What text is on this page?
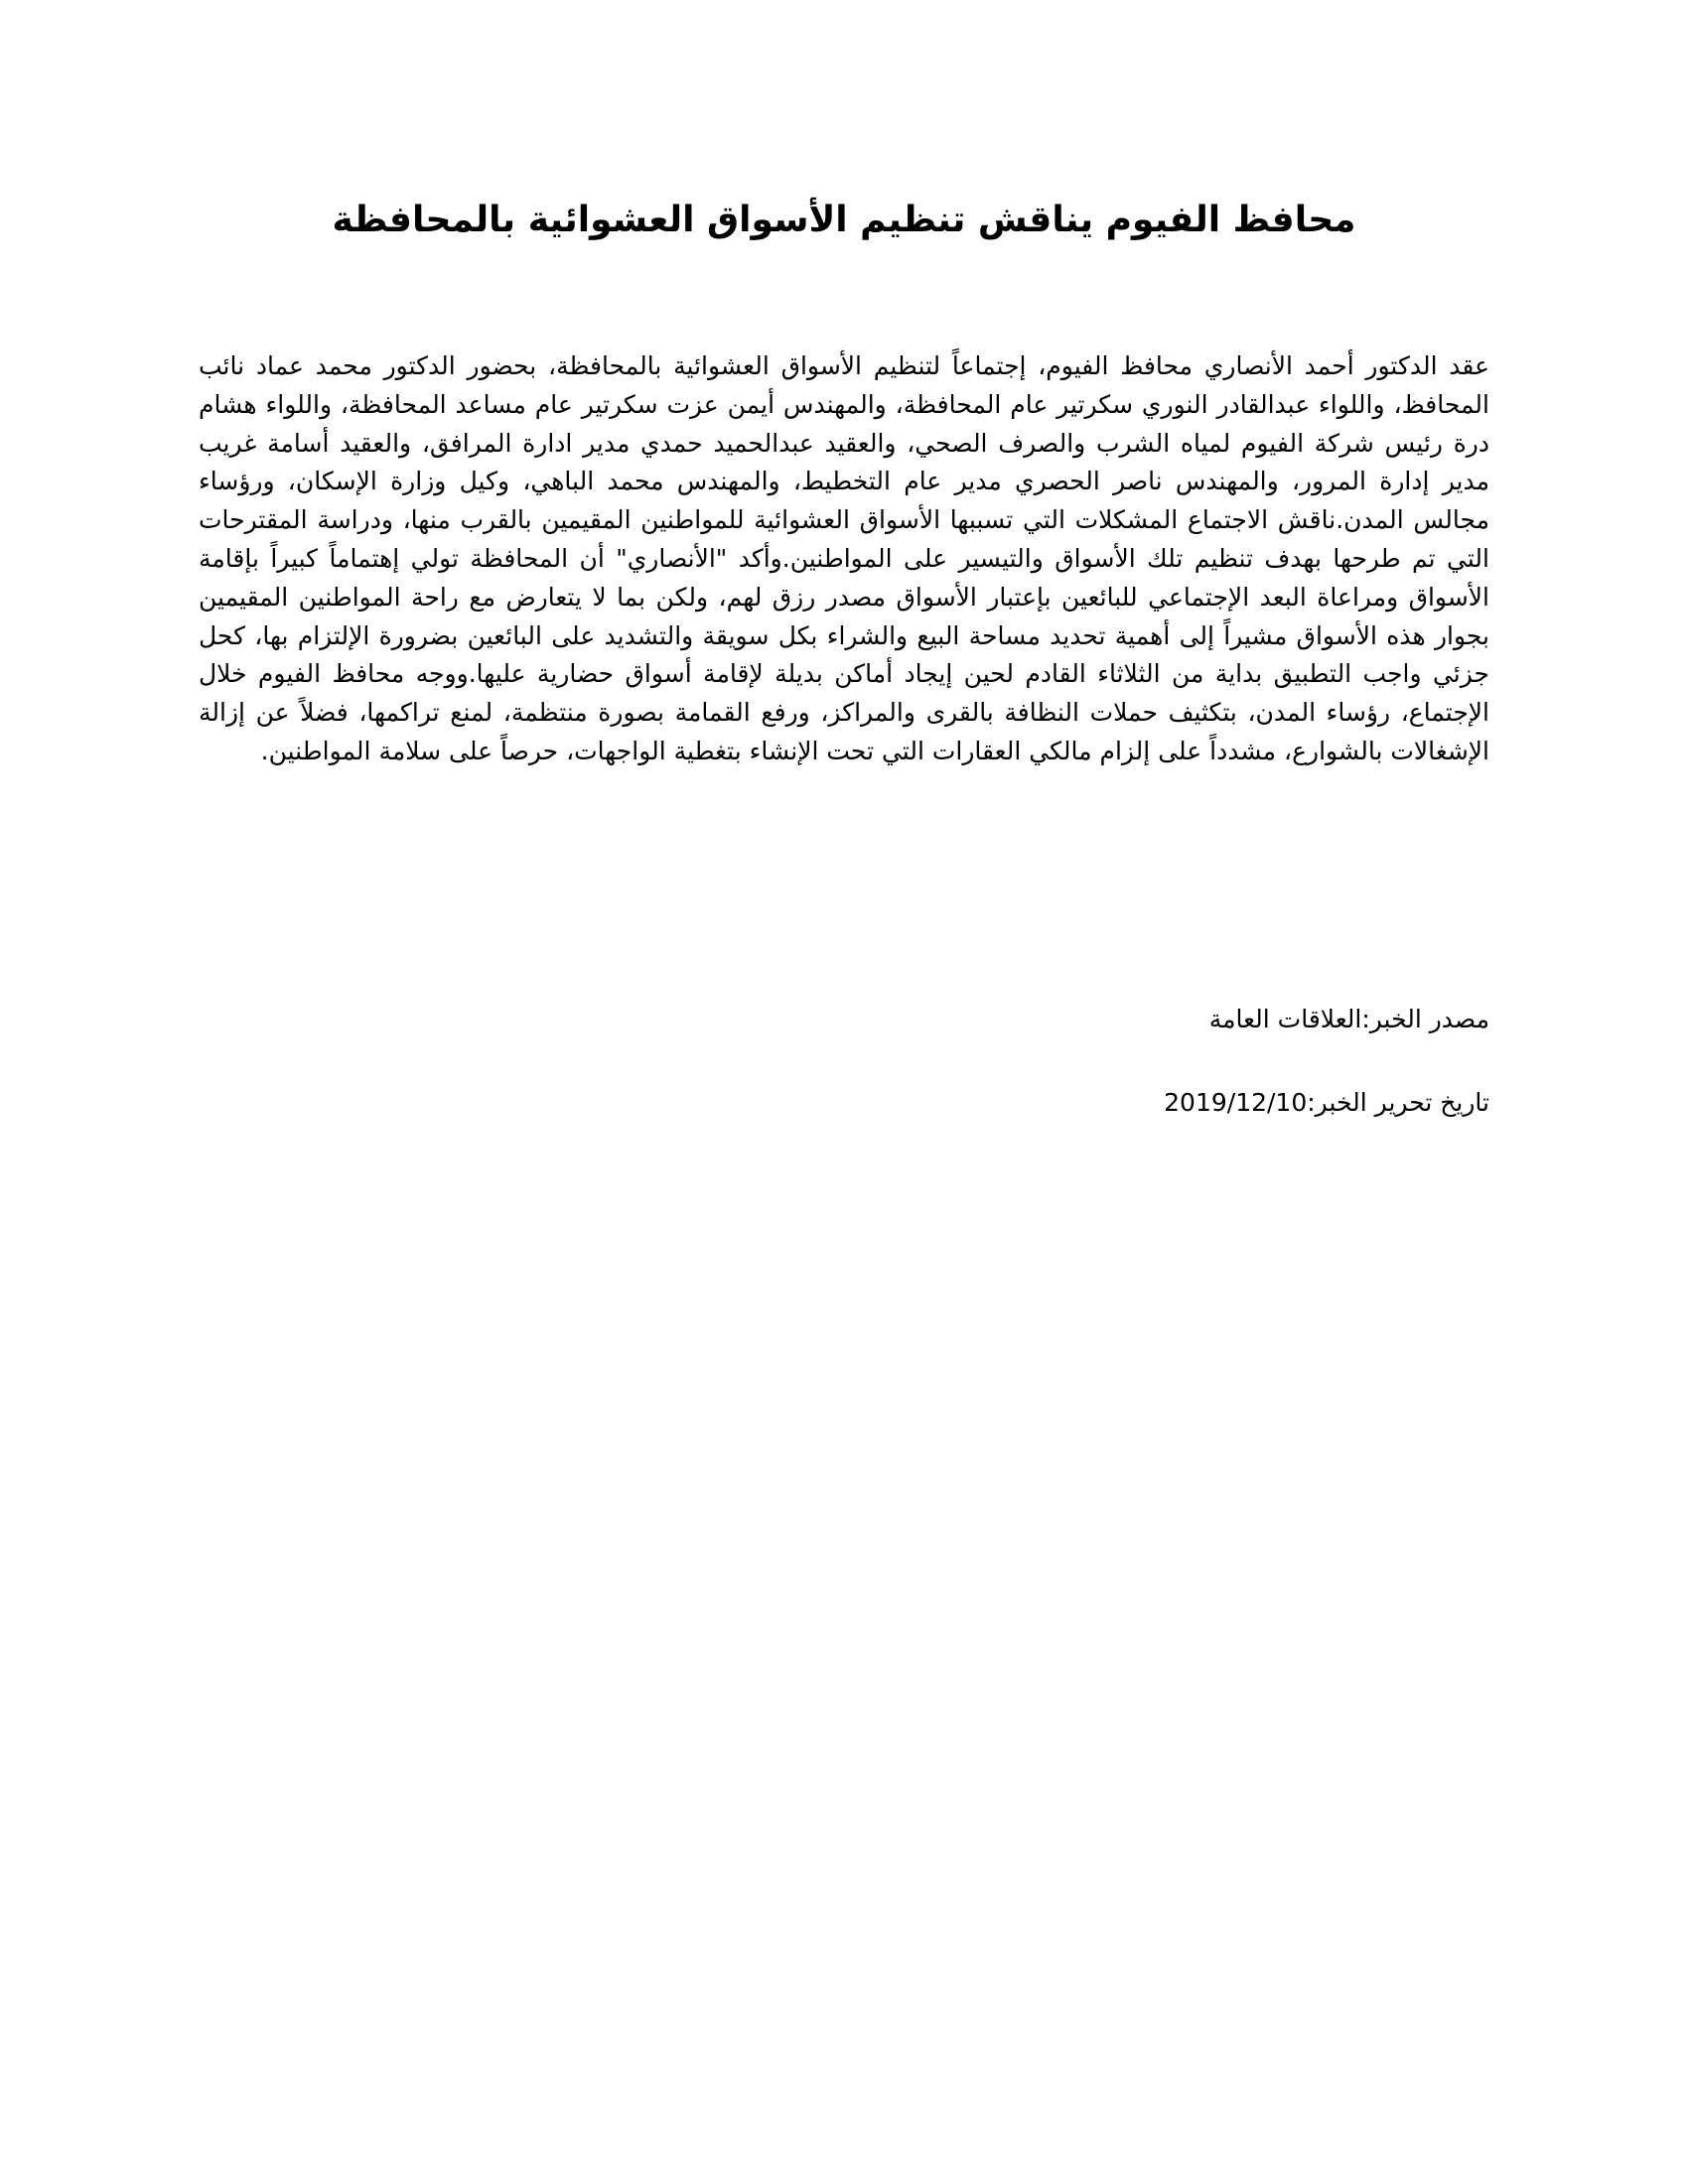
محافظ الفيوم يناقش تنظيم الأسواق العشوائية بالمحافظة

عقد الدكتور أحمد الأنصاري محافظ الفيوم، إجتماعاً لتنظيم الأسواق العشوائية بالمحافظة، بحضور الدكتور محمد عماد نائب المحافظ، واللواء عبدالقادر النوري سكرتير عام المحافظة، والمهندس أيمن عزت سكرتير عام مساعد المحافظة، واللواء هشام درة رئيس شركة الفيوم لمياه الشرب والصرف الصحي، والعقيد عبدالحميد حمدي مدير ادارة المرافق، والعقيد أسامة غريب مدير إدارة المرور، والمهندس ناصر الحصري مدير عام التخطيط، والمهندس محمد الباهي، وكيل وزارة الإسكان، ورؤساء مجالس المدن.ناقش الاجتماع المشكلات التي تسببها الأسواق العشوائية للمواطنين المقيمين بالقرب منها، ودراسة المقترحات التي تم طرحها بهدف تنظيم تلك الأسواق والتيسير على المواطنين.وأكد "الأنصاري" أن المحافظة تولي إهتماماً كبيراً بإقامة الأسواق ومراعاة البعد الإجتماعي للبائعين بإعتبار الأسواق مصدر رزق لهم، ولكن بما لا يتعارض مع راحة المواطنين المقيمين بجوار هذه الأسواق مشيراً إلى أهمية تحديد مساحة البيع والشراء بكل سويقة والتشديد على البائعين بضرورة الإلتزام بها، كحل جزئي واجب التطبيق بداية من الثلاثاء القادم لحين إيجاد أماكن بديلة لإقامة أسواق حضارية عليها.ووجه محافظ الفيوم خلال الإجتماع، رؤساء المدن، بتكثيف حملات النظافة بالقرى والمراكز، ورفع القمامة بصورة منتظمة، لمنع تراكمها، فضلاً عن إزالة الإشغالات بالشوارع، مشدداً على إلزام مالكي العقارات التي تحت الإنشاء بتغطية الواجهات، حرصاً على سلامة المواطنين.

مصدر الخبر:العلاقات العامة

تاريخ تحرير الخبر:2019/12/10
